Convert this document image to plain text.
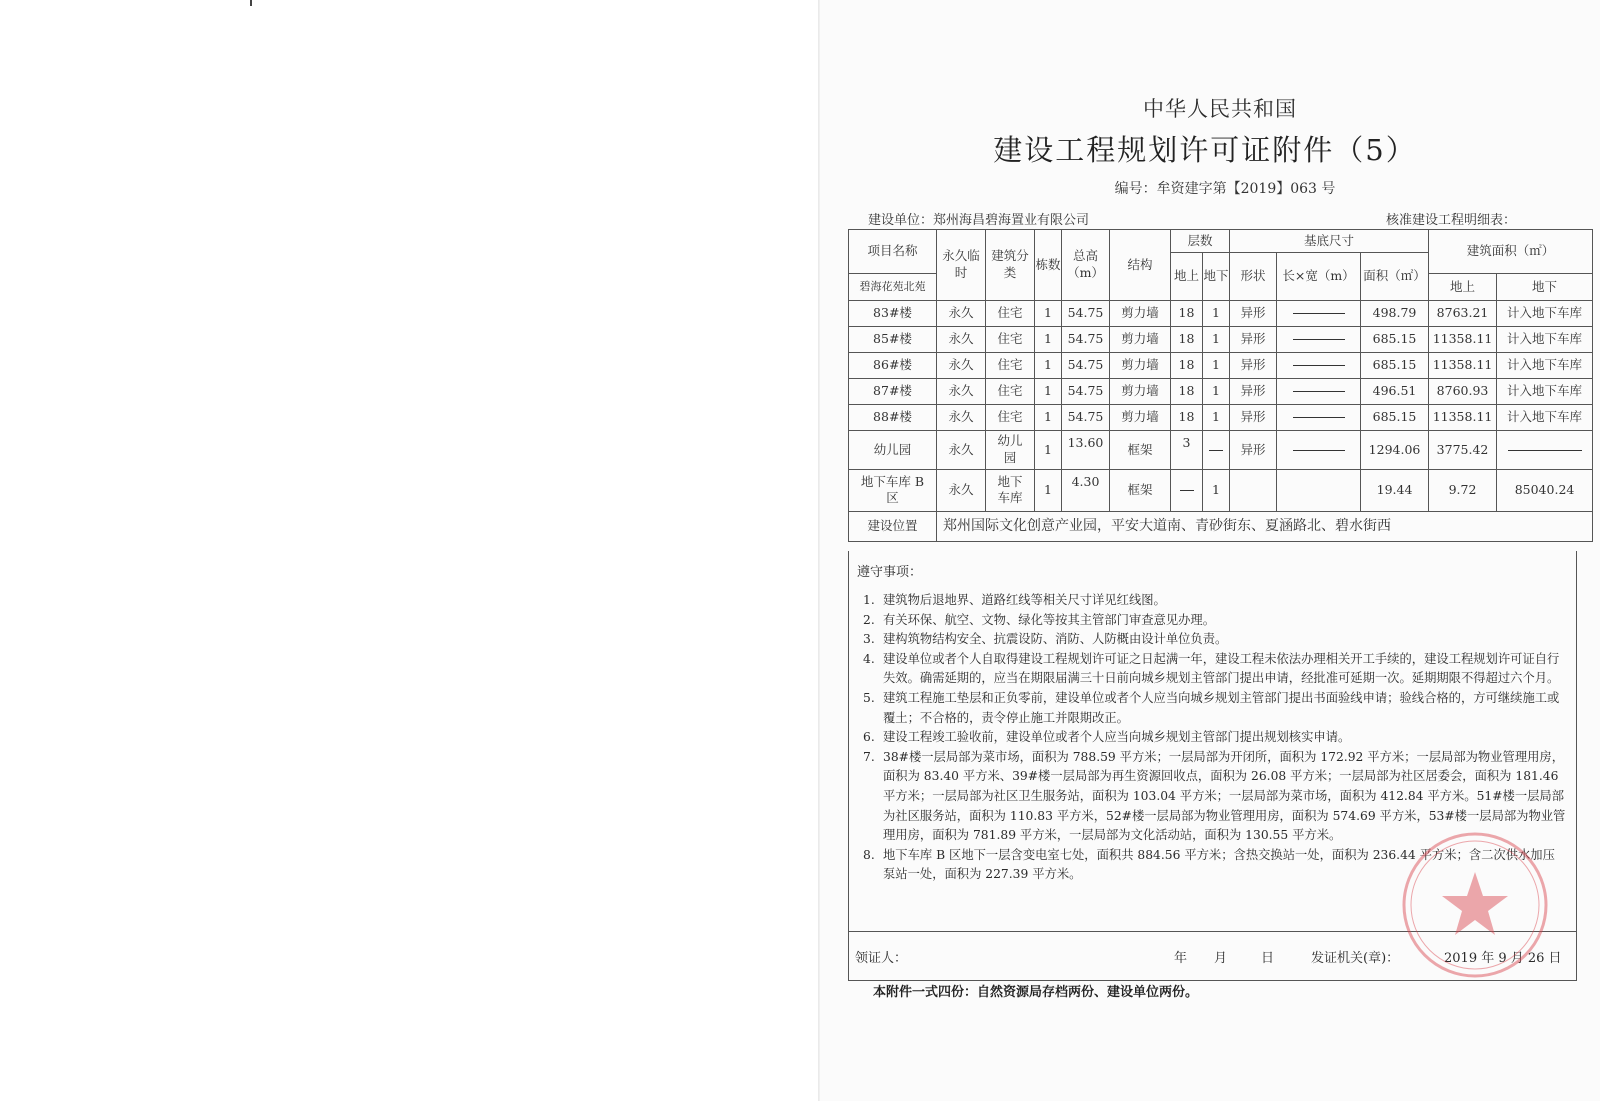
中华人民共和国
建设工程规划许可证附件（5）
编号：牟资建字第【2019】063 号
建设单位：郑州海昌碧海置业有限公司	核准建设工程明细表：
项目名称	永久临时	建筑分类	栋数	总高（m）	结构	层数		基底尺寸			建筑面积（㎡）	
						地上	地下	形状	长×宽（m）	面积（㎡）		
碧海花苑北苑											地上	地下
83#楼	永久	住宅	1	54.75	剪力墙	18	1	异形		498.79	8763.21	计入地下车库
85#楼	永久	住宅	1	54.75	剪力墙	18	1	异形		685.15	11358.11	计入地下车库
86#楼	永久	住宅	1	54.75	剪力墙	18	1	异形		685.15	11358.11	计入地下车库
87#楼	永久	住宅	1	54.75	剪力墙	18	1	异形		496.51	8760.93	计入地下车库
88#楼	永久	住宅	1	54.75	剪力墙	18	1	异形		685.15	11358.11	计入地下车库
幼儿园	永久	幼儿园	1	13.60	框架	3		异形		1294.06	3775.42	
地下车库 B 区	永久	地下车库	1	4.30	框架		1			19.44	9.72	85040.24
建设位置	郑州国际文化创意产业园，平安大道南、青砂街东、夏涵路北、碧水街西											
遵守事项：
1. 建筑物后退地界、道路红线等相关尺寸详见红线图。
2. 有关环保、航空、文物、绿化等按其主管部门审查意见办理。
3. 建构筑物结构安全、抗震设防、消防、人防概由设计单位负责。
4. 建设单位或者个人自取得建设工程规划许可证之日起满一年，建设工程未依法办理相关开工手续的，建设工程规划许可证自行失效。确需延期的，应当在期限届满三十日前向城乡规划主管部门提出申请，经批准可延期一次。延期期限不得超过六个月。
5. 建筑工程施工垫层和正负零前，建设单位或者个人应当向城乡规划主管部门提出书面验线申请；验线合格的，方可继续施工或覆土；不合格的，责令停止施工并限期改正。
6. 建设工程竣工验收前，建设单位或者个人应当向城乡规划主管部门提出规划核实申请。
7. 38#楼一层局部为菜市场，面积为 788.59 平方米；一层局部为开闭所，面积为 172.92 平方米；一层局部为物业管理用房，面积为 83.40 平方米、39#楼一层局部为再生资源回收点，面积为 26.08 平方米；一层局部为社区居委会，面积为 181.46 平方米；一层局部为社区卫生服务站，面积为 103.04 平方米；一层局部为菜市场，面积为 412.84 平方米。51#楼一层局部为社区服务站，面积为 110.83 平方米，52#楼一层局部为物业管理用房，面积为 574.69 平方米，53#楼一层局部为物业管理用房，面积为 781.89 平方米，一层局部为文化活动站，面积为 130.55 平方米。
8. 地下车库 B 区地下一层含变电室七处，面积共 884.56 平方米；含热交换站一处，面积为 236.44 平方米；含二次供水加压泵站一处，面积为 227.39 平方米。
领证人：	年 月	日	发证机关(章)：	2019 年 9 月 26 日
本附件一式四份：自然资源局存档两份、建设单位两份。
